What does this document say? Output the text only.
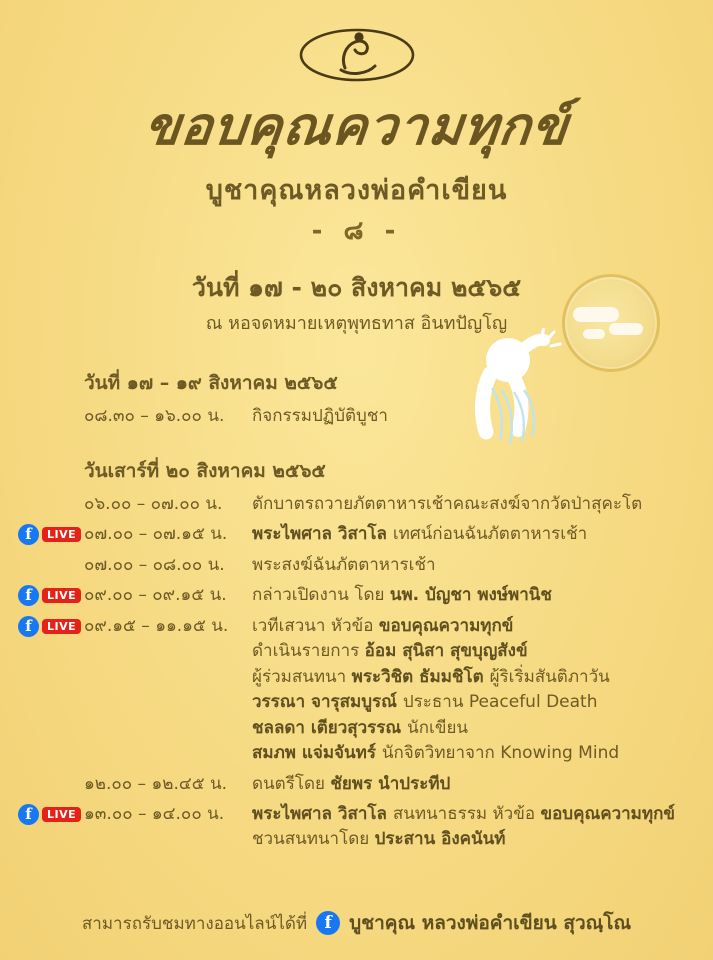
ขอบคุณความทุกข์
บูชาคุณหลวงพ่อคำเขียน
- ๘ -
วันที่ ๑๗ - ๒๐ สิงหาคม ๒๕๖๕
ณ หอจดหมายเหตุพุทธทาส อินทปัญโญ
วันที่ ๑๗ – ๑๙ สิงหาคม ๒๕๖๕
๐๘.๓๐ – ๑๖.๐๐ น.	กิจกรรมปฏิบัติบูชา
วันเสาร์ที่ ๒๐ สิงหาคม ๒๕๖๕
๐๖.๐๐ – ๐๗.๐๐ น.	ตักบาตรถวายภัตตาหารเช้าคณะสงฆ์จากวัดป่าสุคะโต
f	LIVE ๐๗.๐๐ – ๐๗.๑๕ น.	พระไพศาล วิสาโล เทศน์ก่อนฉันภัตตาหารเช้า
๐๗.๐๐ – ๐๘.๐๐ น.	พระสงฆ์ฉันภัตตาหารเช้า
f	LIVE ๐๙.๐๐ – ๐๙.๑๕ น.	กล่าวเปิดงาน โดย นพ. บัญชา พงษ์พานิช
f	LIVE ๐๙.๑๕ – ๑๑.๑๕ น.	เวทีเสวนา หัวข้อ ขอบคุณความทุกข์
ดำเนินรายการ อ้อม สุนิสา สุขบุญสังข์
ผู้ร่วมสนทนา พระวิชิต ธัมมชิโต ผู้ริเริ่มสันติภาวัน
วรรณา จารุสมบูรณ์ ประธาน Peaceful Death
ชลลดา เตียวสุวรรณ นักเขียน
สมภพ แจ่มจันทร์ นักจิตวิทยาจาก Knowing Mind
๑๒.๐๐ – ๑๒.๔๕ น.	ดนตรีโดย ชัยพร นำประทีป
f	LIVE ๑๓.๐๐ – ๑๔.๐๐ น.	พระไพศาล วิสาโล สนทนาธรรม หัวข้อ ขอบคุณความทุกข์
ชวนสนทนาโดย ประสาน อิงคนันท์
สามารถรับชมทางออนไลน์ได้ที่	f บูชาคุณ หลวงพ่อคำเขียน สุวณฺโณ
